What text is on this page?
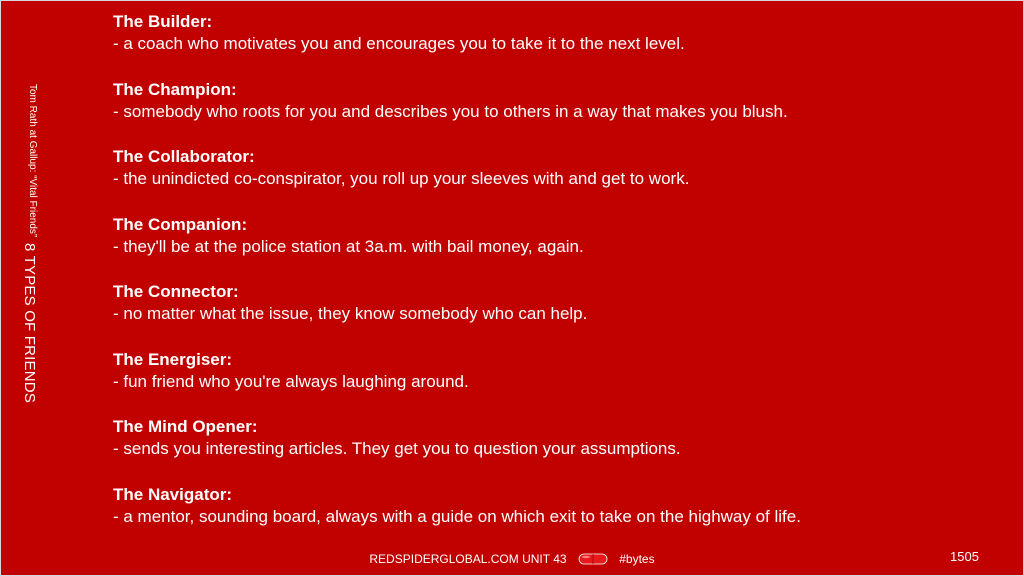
8 TYPES OF FRIENDS
Tom Rath at Gallup: “Vital Friends”
The Builder:
- a coach who motivates you and encourages you to take it to the next level.
The Champion:
- somebody who roots for you and describes you to others in a way that makes you blush.
The Collaborator:
- the unindicted co-conspirator, you roll up your sleeves with and get to work.
The Companion:
- they'll be at the police station at 3a.m. with bail money, again.
The Connector:
- no matter what the issue, they know somebody who can help.
The Energiser:
- fun friend who you're always laughing around.
The Mind Opener:
- sends you interesting articles. They get you to question your assumptions.
The Navigator:
- a mentor, sounding board, always with a guide on which exit to take on the highway of life.
REDSPIDERGLOBAL.COM UNIT 43	#bytes	1505
